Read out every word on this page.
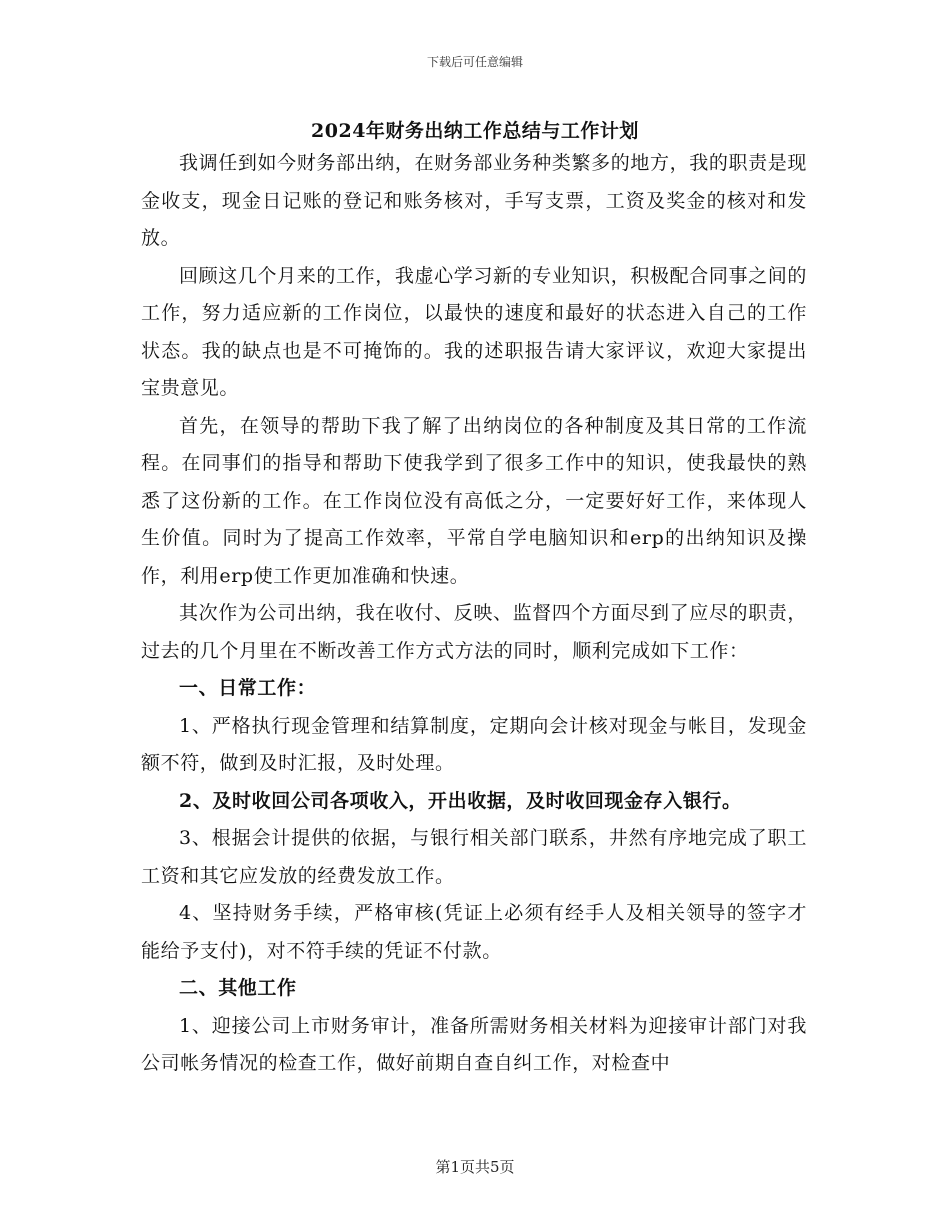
下载后可任意编辑
2024年财务出纳工作总结与工作计划

我调任到如今财务部出纳，在财务部业务种类繁多的地方，我的职责是现金收支，现金日记账的登记和账务核对，手写支票，工资及奖金的核对和发放。

回顾这几个月来的工作，我虚心学习新的专业知识，积极配合同事之间的工作，努力适应新的工作岗位，以最快的速度和最好的状态进入自己的工作状态。我的缺点也是不可掩饰的。我的述职报告请大家评议，欢迎大家提出宝贵意见。

首先，在领导的帮助下我了解了出纳岗位的各种制度及其日常的工作流程。在同事们的指导和帮助下使我学到了很多工作中的知识，使我最快的熟悉了这份新的工作。在工作岗位没有高低之分，一定要好好工作，来体现人生价值。同时为了提高工作效率，平常自学电脑知识和erp的出纳知识及操作，利用erp使工作更加准确和快速。

其次作为公司出纳，我在收付、反映、监督四个方面尽到了应尽的职责，过去的几个月里在不断改善工作方式方法的同时，顺利完成如下工作：

一、日常工作：

1、严格执行现金管理和结算制度，定期向会计核对现金与帐目，发现金额不符，做到及时汇报，及时处理。

2、及时收回公司各项收入，开出收据，及时收回现金存入银行。

3、根据会计提供的依据，与银行相关部门联系，井然有序地完成了职工工资和其它应发放的经费发放工作。

4、坚持财务手续，严格审核(凭证上必须有经手人及相关领导的签字才能给予支付)，对不符手续的凭证不付款。

二、其他工作

1、迎接公司上市财务审计，准备所需财务相关材料为迎接审计部门对我公司帐务情况的检查工作，做好前期自查自纠工作，对检查中

第1页共5页
